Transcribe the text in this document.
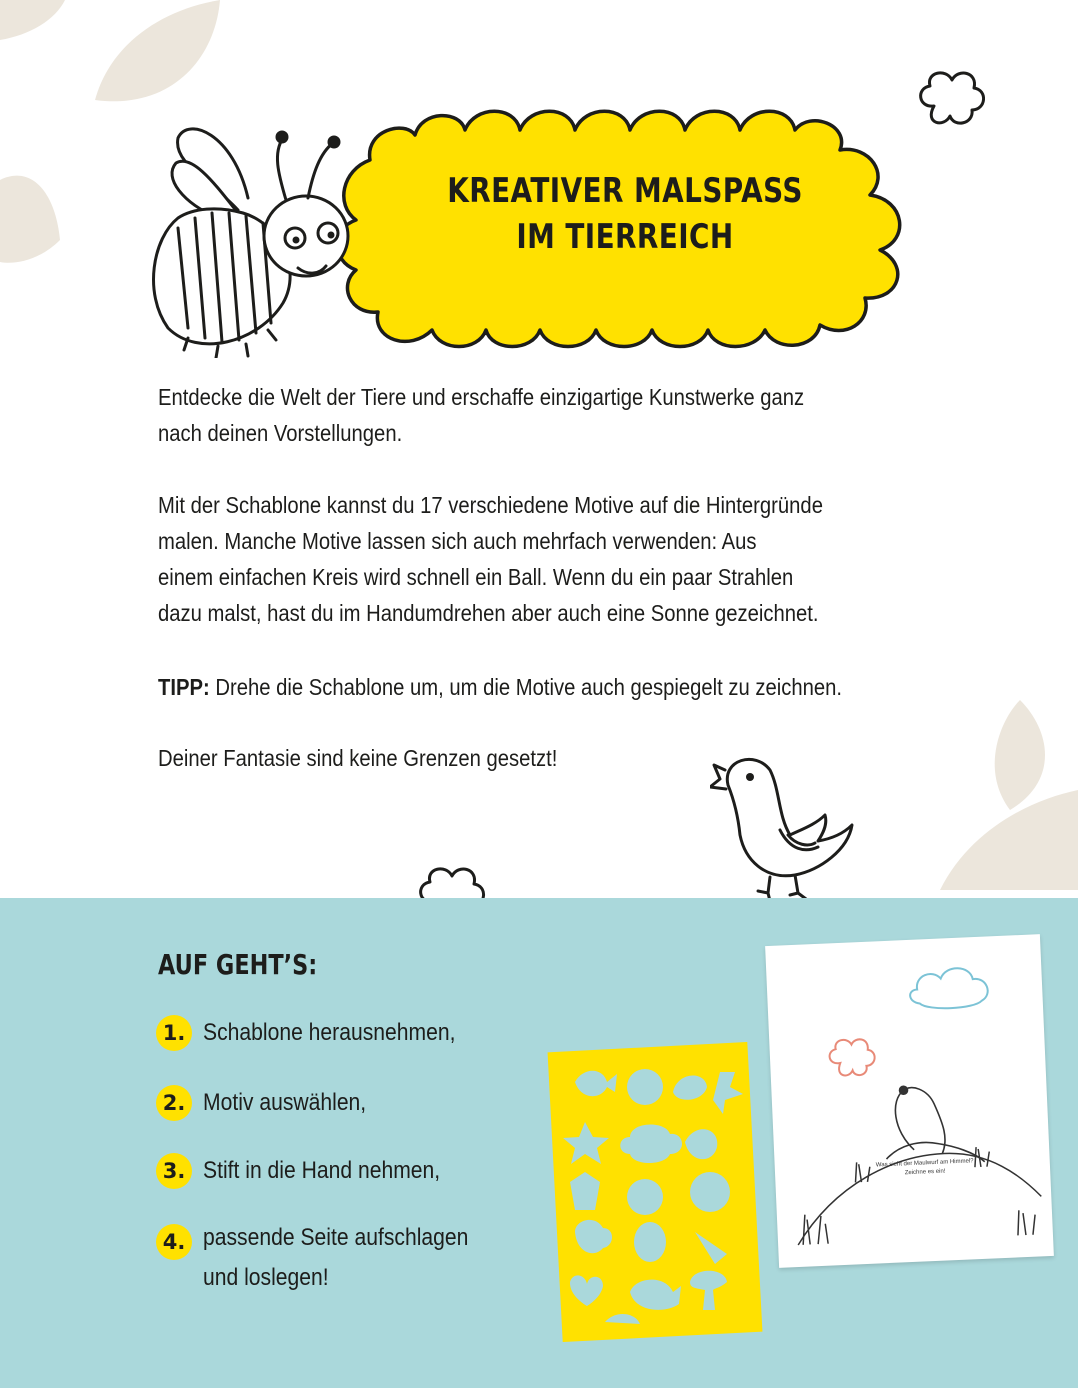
KREATIVER MALSPASS
IM TIERREICH
Entdecke die Welt der Tiere und erschaffe einzigartige Kunstwerke ganz
nach deinen Vorstellungen.
Mit der Schablone kannst du 17 verschiedene Motive auf die Hintergründe
malen. Manche Motive lassen sich auch mehrfach verwenden: Aus
einem einfachen Kreis wird schnell ein Ball. Wenn du ein paar Strahlen
dazu malst, hast du im Handumdrehen aber auch eine Sonne gezeichnet.
TIPP: Drehe die Schablone um, um die Motive auch gespiegelt zu zeichnen.
Deiner Fantasie sind keine Grenzen gesetzt!
AUF GEHT’S:
1. Schablone herausnehmen,
2. Motiv auswählen,
3. Stift in die Hand nehmen,
4. passende Seite aufschlagen
und loslegen!
Was sieht der Maulwurf am Himmel?
Zeichne es ein!
